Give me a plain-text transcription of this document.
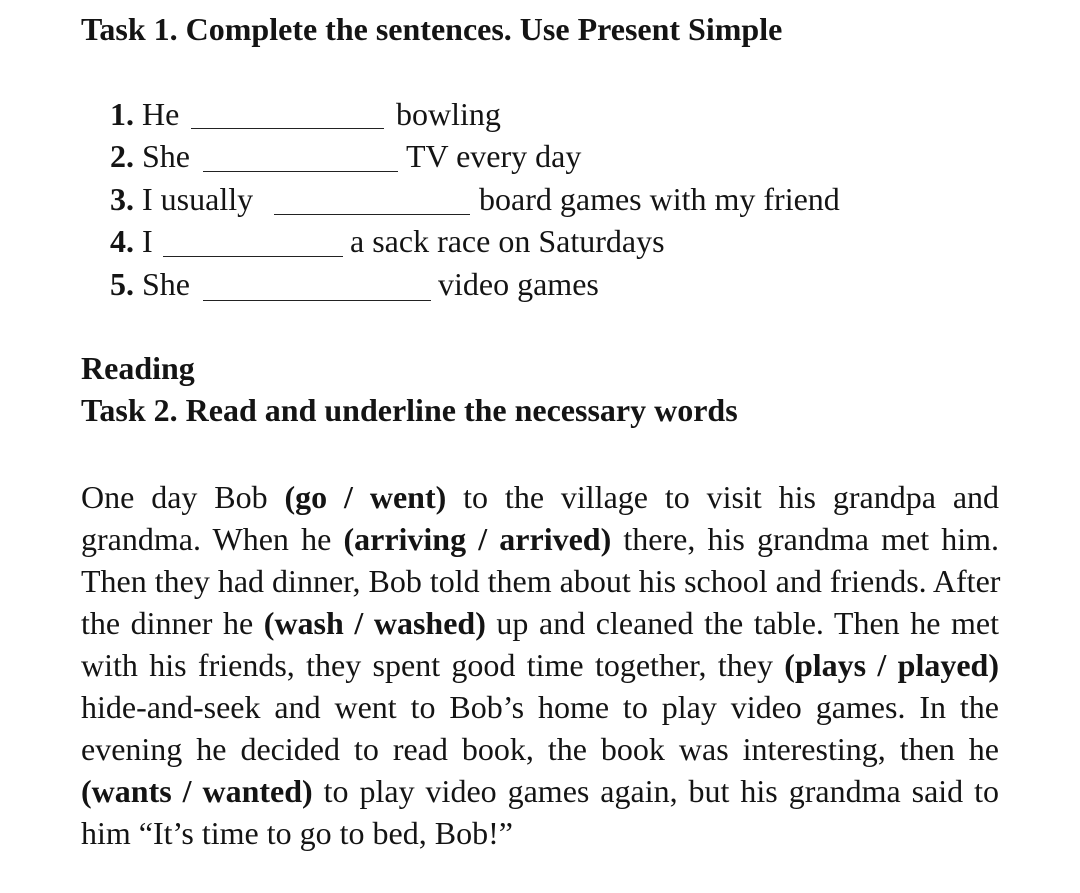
Task 1. Complete the sentences. Use Present Simple
1. He	bowling
2. She	TV every day
3. I usually	board games with my friend
4. I	a sack race on Saturdays
5. She	video games
Reading
Task 2. Read and underline the necessary words
One day Bob (go / went) to the village to visit his grandpa and
grandma. When he (arriving / arrived) there, his grandma met him.
Then they had dinner, Bob told them about his school and friends. After
the dinner he (wash / washed) up and cleaned the table. Then he met
with his friends, they spent good time together, they (plays / played)
hide-and-seek and went to Bob’s home to play video games. In the
evening he decided to read book, the book was interesting, then he
(wants / wanted) to play video games again, but his grandma said to
him “It’s time to go to bed, Bob!”
